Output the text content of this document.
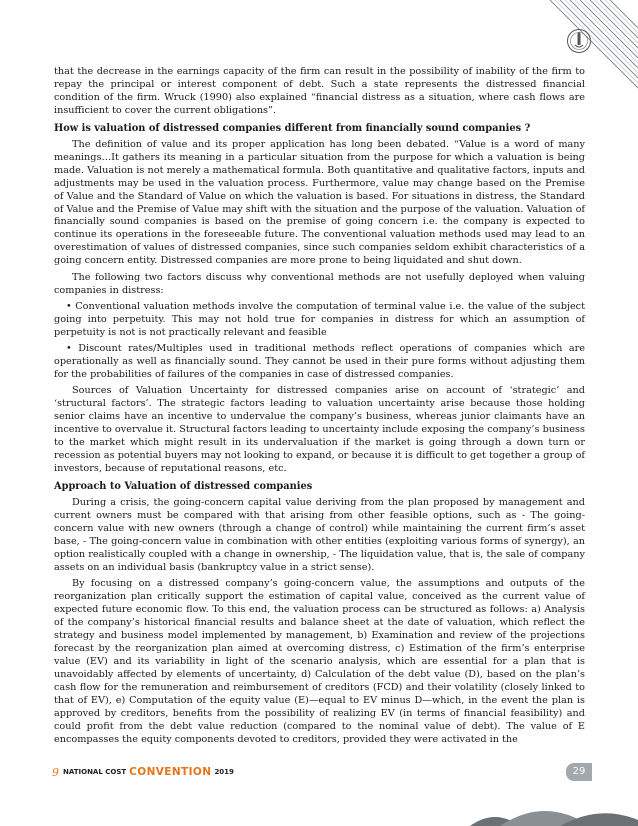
that the decrease in the earnings capacity of the firm can result in the possibility of inability of the firm to repay the principal or interest component of debt. Such a state represents the distressed financial condition of the firm. Wruck (1990) also explained “financial distress as a situation, where cash flows are insufficient to cover the current obligations”.

How is valuation of distressed companies different from financially sound companies ?

The definition of value and its proper application has long been debated. “Value is a word of many meanings…It gathers its meaning in a particular situation from the purpose for which a valuation is being made. Valuation is not merely a mathematical formula. Both quantitative and qualitative factors, inputs and adjustments may be used in the valuation process. Furthermore, value may change based on the Premise of Value and the Standard of Value on which the valuation is based. For situations in distress, the Standard of Value and the Premise of Value may shift with the situation and the purpose of the valuation. Valuation of financially sound companies is based on the premise of going concern i.e. the company is expected to continue its operations in the foreseeable future. The conventional valuation methods used may lead to an overestimation of values of distressed companies, since such companies seldom exhibit characteristics of a going concern entity. Distressed companies are more prone to being liquidated and shut down.

The following two factors discuss why conventional methods are not usefully deployed when valuing companies in distress:

• Conventional valuation methods involve the computation of terminal value i.e. the value of the subject going into perpetuity. This may not hold true for companies in distress for which an assumption of perpetuity is not is not practically relevant and feasible

• Discount rates/Multiples used in traditional methods reflect operations of companies which are operationally as well as financially sound. They cannot be used in their pure forms without adjusting them for the probabilities of failures of the companies in case of distressed companies.

Sources of Valuation Uncertainty for distressed companies arise on account of ‘strategic’ and ‘structural factors’. The strategic factors leading to valuation uncertainty arise because those holding senior claims have an incentive to undervalue the company’s business, whereas junior claimants have an incentive to overvalue it. Structural factors leading to uncertainty include exposing the company’s business to the market which might result in its undervaluation if the market is going through a down turn or recession as potential buyers may not looking to expand, or because it is difficult to get together a group of investors, because of reputational reasons, etc.

Approach to Valuation of distressed companies

During a crisis, the going-concern capital value deriving from the plan proposed by management and current owners must be compared with that arising from other feasible options, such as - The going-concern value with new owners (through a change of control) while maintaining the current firm’s asset base, - The going-concern value in combination with other entities (exploiting various forms of synergy), an option realistically coupled with a change in ownership, - The liquidation value, that is, the sale of company assets on an individual basis (bankruptcy value in a strict sense).

By focusing on a distressed company’s going-concern value, the assumptions and outputs of the reorganization plan critically support the estimation of capital value, conceived as the current value of expected future economic flow. To this end, the valuation process can be structured as follows: a) Analysis of the company’s historical financial results and balance sheet at the date of valuation, which reflect the strategy and business model implemented by management, b) Examination and review of the projections forecast by the reorganization plan aimed at overcoming distress, c) Estimation of the firm’s enterprise value (EV) and its variability in light of the scenario analysis, which are essential for a plan that is unavoidably affected by elements of uncertainty, d) Calculation of the debt value (D), based on the plan’s cash flow for the remuneration and reimbursement of creditors (FCD) and their volatility (closely linked to that of EV), e) Computation of the equity value (E)—equal to EV minus D—which, in the event the plan is approved by creditors, benefits from the possibility of realizing EV (in terms of financial feasibility) and could profit from the debt value reduction (compared to the nominal value of debt). The value of E encompasses the equity components devoted to creditors, provided they were activated in the

9 NATIONAL COST CONVENTION 2019	29
